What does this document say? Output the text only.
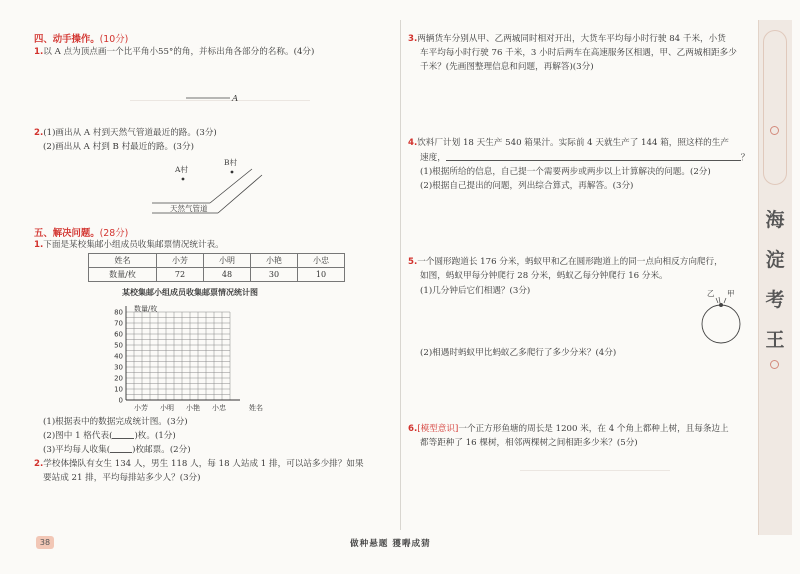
四、动手操作。(10分)
1.以 A 点为顶点画一个比平角小55°的角，并标出角各部分的名称。(4分)
A
2.(1)画出从 A 村到天然气管道最近的路。(3分)
(2)画出从 A 村到 B 村最近的路。(3分)
A村
B村
天然气管道
五、解决问题。(28分)
1.下面是某校集邮小组成员收集邮票情况统计表。
姓名	小芳	小明	小艳	小忠
数量/枚	72	48	30	10
某校集邮小组成员收集邮票情况统计图
0
10
20
30
40
50
60
70
80 数量/枚
小芳 小明 小艳 小忠	姓名
(1)根据表中的数据完成统计图。(3分)
(2)图中 1 格代表(	)枚。(1分)
(3)平均每人收集(	)枚邮票。(2分)
2.学校体操队有女生 134 人，男生 118 人，每 18 人站成 1 排，可以站多少排？如果
要站成 21 排，平均每排站多少人？(3分)
3.两辆货车分别从甲、乙两城同时相对开出，大货车平均每小时行驶 84 千米，小货
车平均每小时行驶 76 千米，3 小时后两车在高速服务区相遇，甲、乙两城相距多少
千米？(先画图整理信息和问题，再解答)(3分)
4.饮料厂计划 18 天生产 540 箱果汁。实际前 4 天就生产了 144 箱，照这样的生产
速度，	？
(1)根据所给的信息，自己提一个需要两步或两步以上计算解决的问题。(2分)
(2)根据自己提出的问题，列出综合算式，再解答。(3分)
5.一个圆形跑道长 176 分米，蚂蚁甲和乙在圆形跑道上的同一点向相反方向爬行，
如图，蚂蚁甲每分钟爬行 28 分米，蚂蚁乙每分钟爬行 16 分米。
(1)几分钟后它们相遇？(3分)	乙 甲
(2)相遇时蚂蚁甲比蚂蚁乙多爬行了多少分米？(4分)
6.[模型意识]一个正方形鱼塘的周长是 1200 米，在 4 个角上都种上树，且每条边上
都等距种了 16 棵树，相邻两棵树之间相距多少米？(5分)
海
淀
考
王
38	做种悬题 獲嘚成猜
